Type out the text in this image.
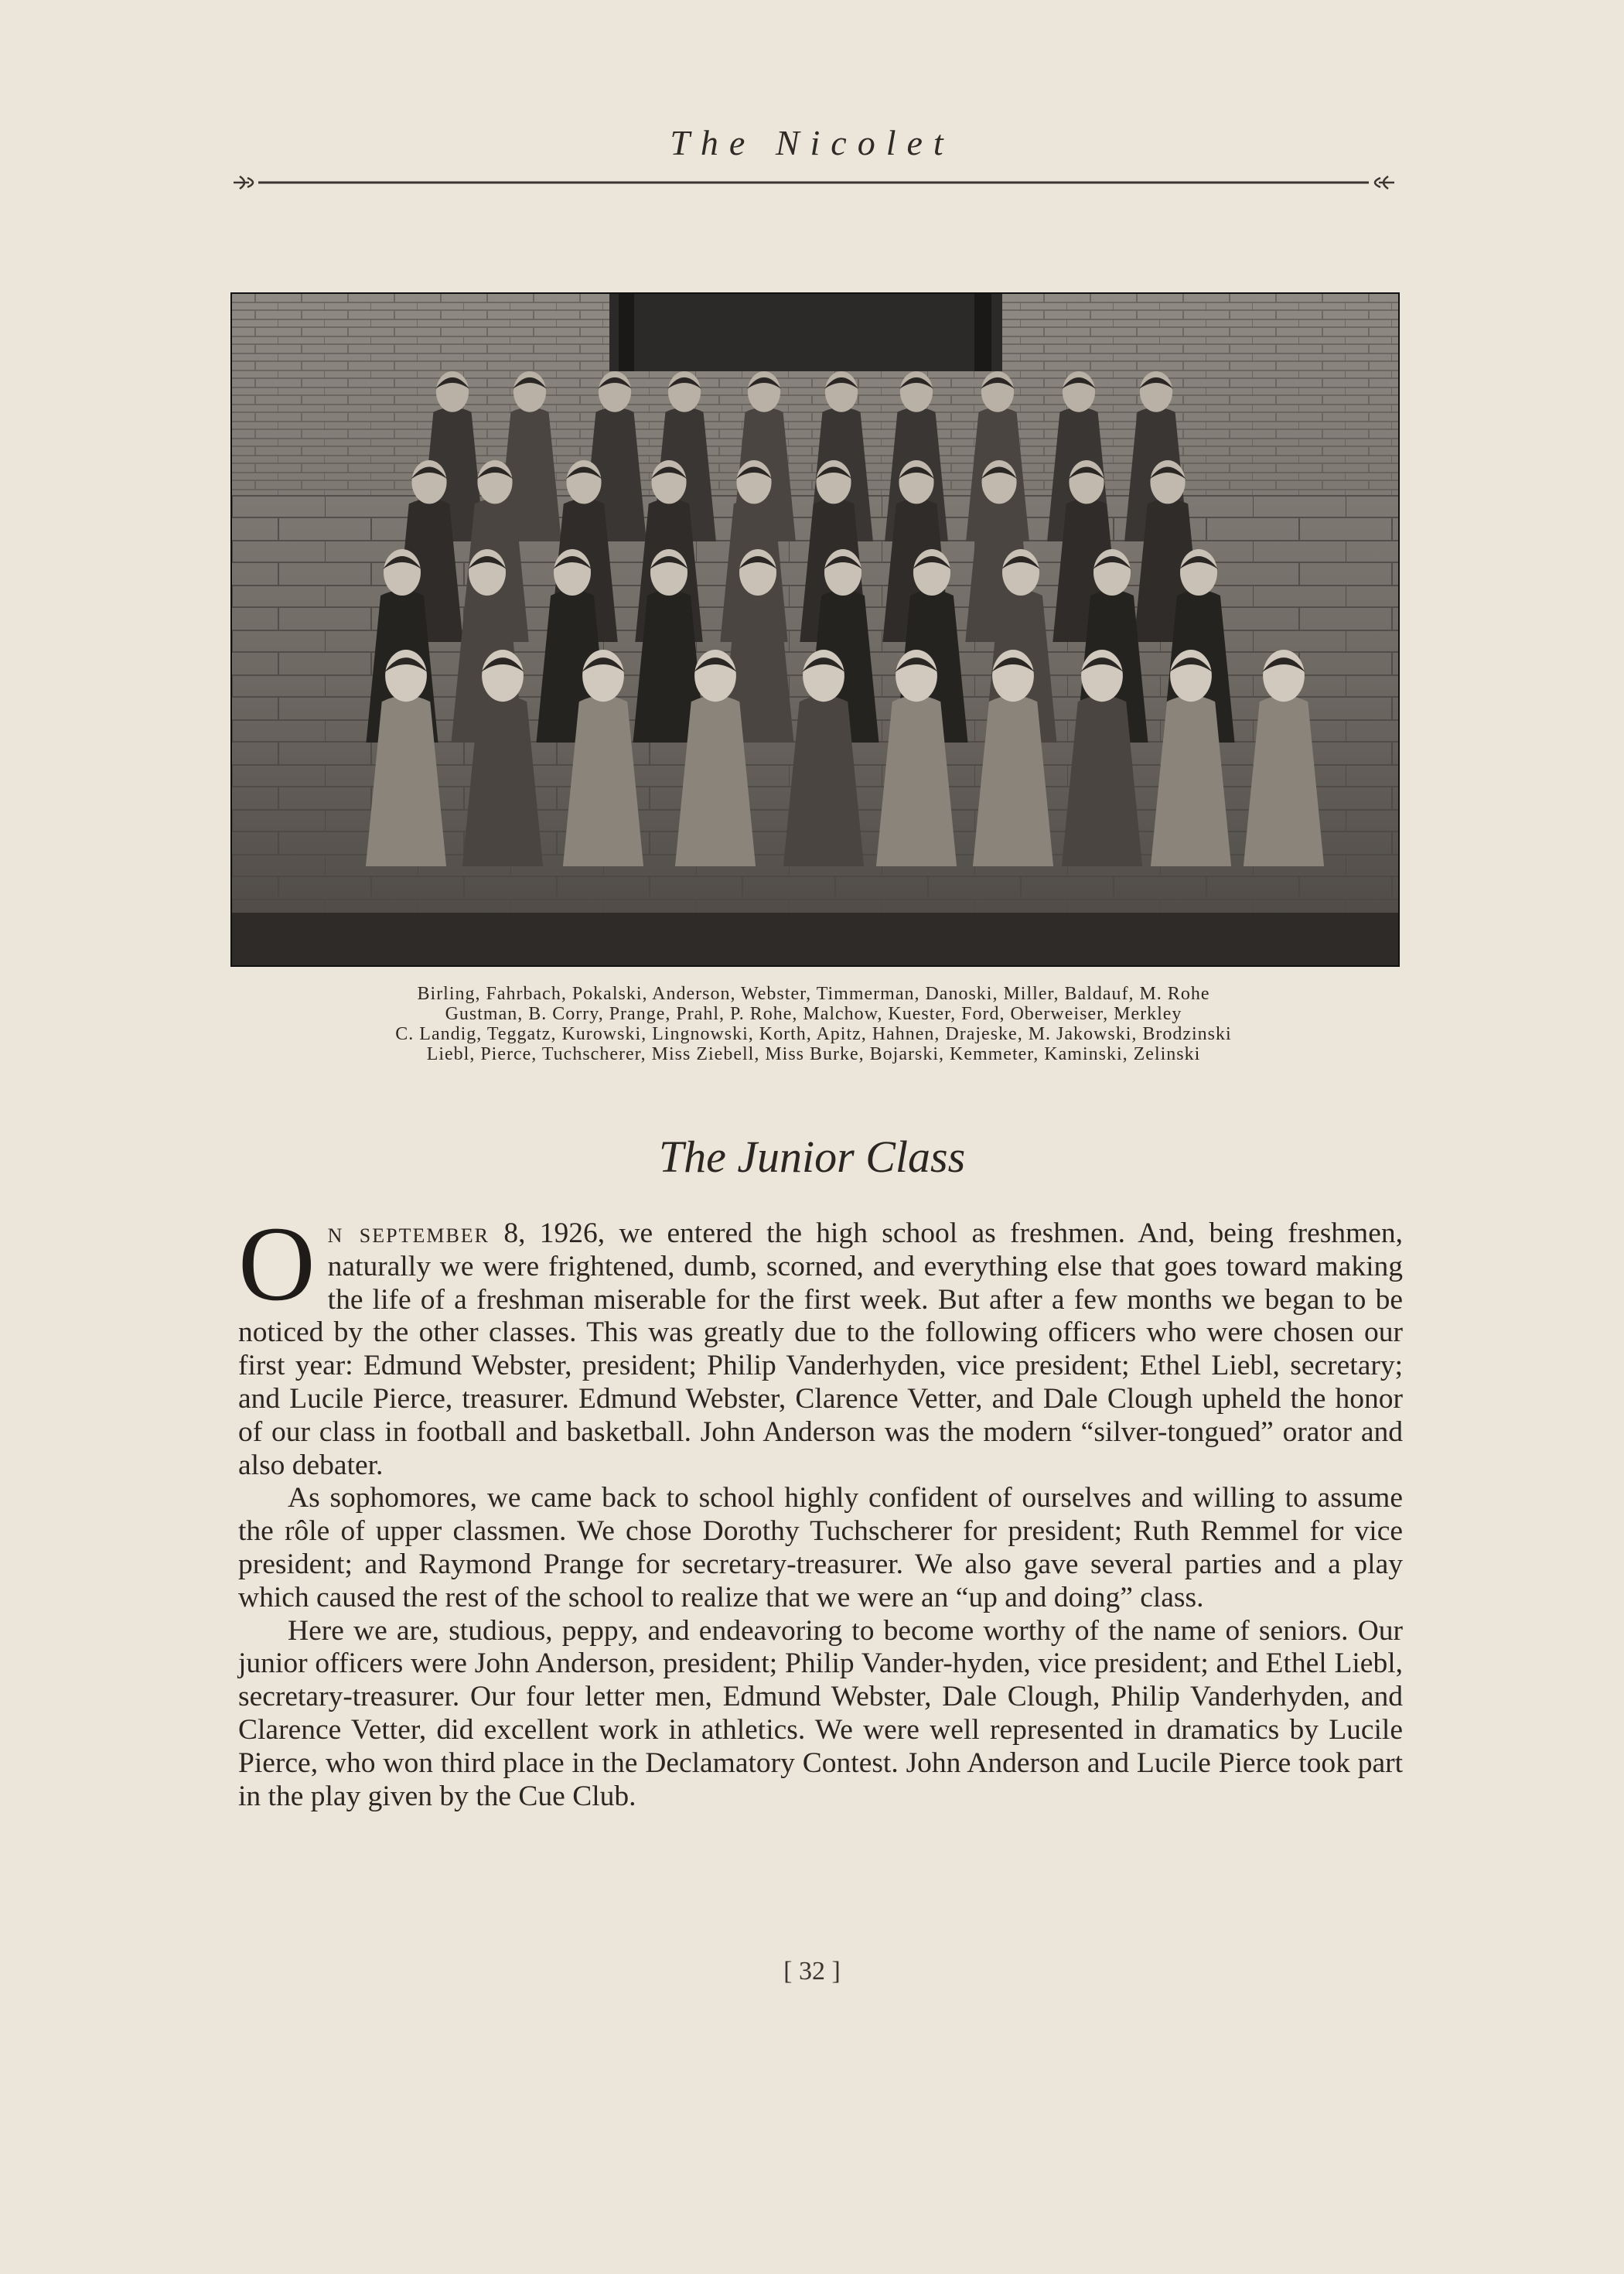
The Nicolet
Birling, Fahrbach, Pokalski, Anderson, Webster, Timmerman, Danoski, Miller, Baldauf, M. Rohe
Gustman, B. Corry, Prange, Prahl, P. Rohe, Malchow, Kuester, Ford, Oberweiser, Merkley
C. Landig, Teggatz, Kurowski, Lingnowski, Korth, Apitz, Hahnen, Drajeske, M. Jakowski, Brodzinski
Liebl, Pierce, Tuchscherer, Miss Ziebell, Miss Burke, Bojarski, Kemmeter, Kaminski, Zelinski
The Junior Class

On september 8, 1926, we entered the high school as freshmen. And, being freshmen, naturally we were frightened, dumb, scorned, and everything else that goes toward making the life of a freshman miserable for the first week. But after a few months we began to be noticed by the other classes. This was greatly due to the following officers who were chosen our first year: Edmund Webster, president; Philip Vanderhyden, vice president; Ethel Liebl, secretary; and Lucile Pierce, treasurer. Edmund Webster, Clarence Vetter, and Dale Clough upheld the honor of our class in football and basketball. John Anderson was the modern “silver-tongued” orator and also debater.

As sophomores, we came back to school highly confident of ourselves and willing to assume the rôle of upper classmen. We chose Dorothy Tuchscherer for president; Ruth Remmel for vice president; and Raymond Prange for secretary-treasurer. We also gave several parties and a play which caused the rest of the school to realize that we were an “up and doing” class.

Here we are, studious, peppy, and endeavoring to become worthy of the name of seniors. Our junior officers were John Anderson, president; Philip Vander-hyden, vice president; and Ethel Liebl, secretary-treasurer. Our four letter men, Edmund Webster, Dale Clough, Philip Vanderhyden, and Clarence Vetter, did excellent work in athletics. We were well represented in dramatics by Lucile Pierce, who won third place in the Declamatory Contest. John Anderson and Lucile Pierce took part in the play given by the Cue Club.

[ 32 ]
